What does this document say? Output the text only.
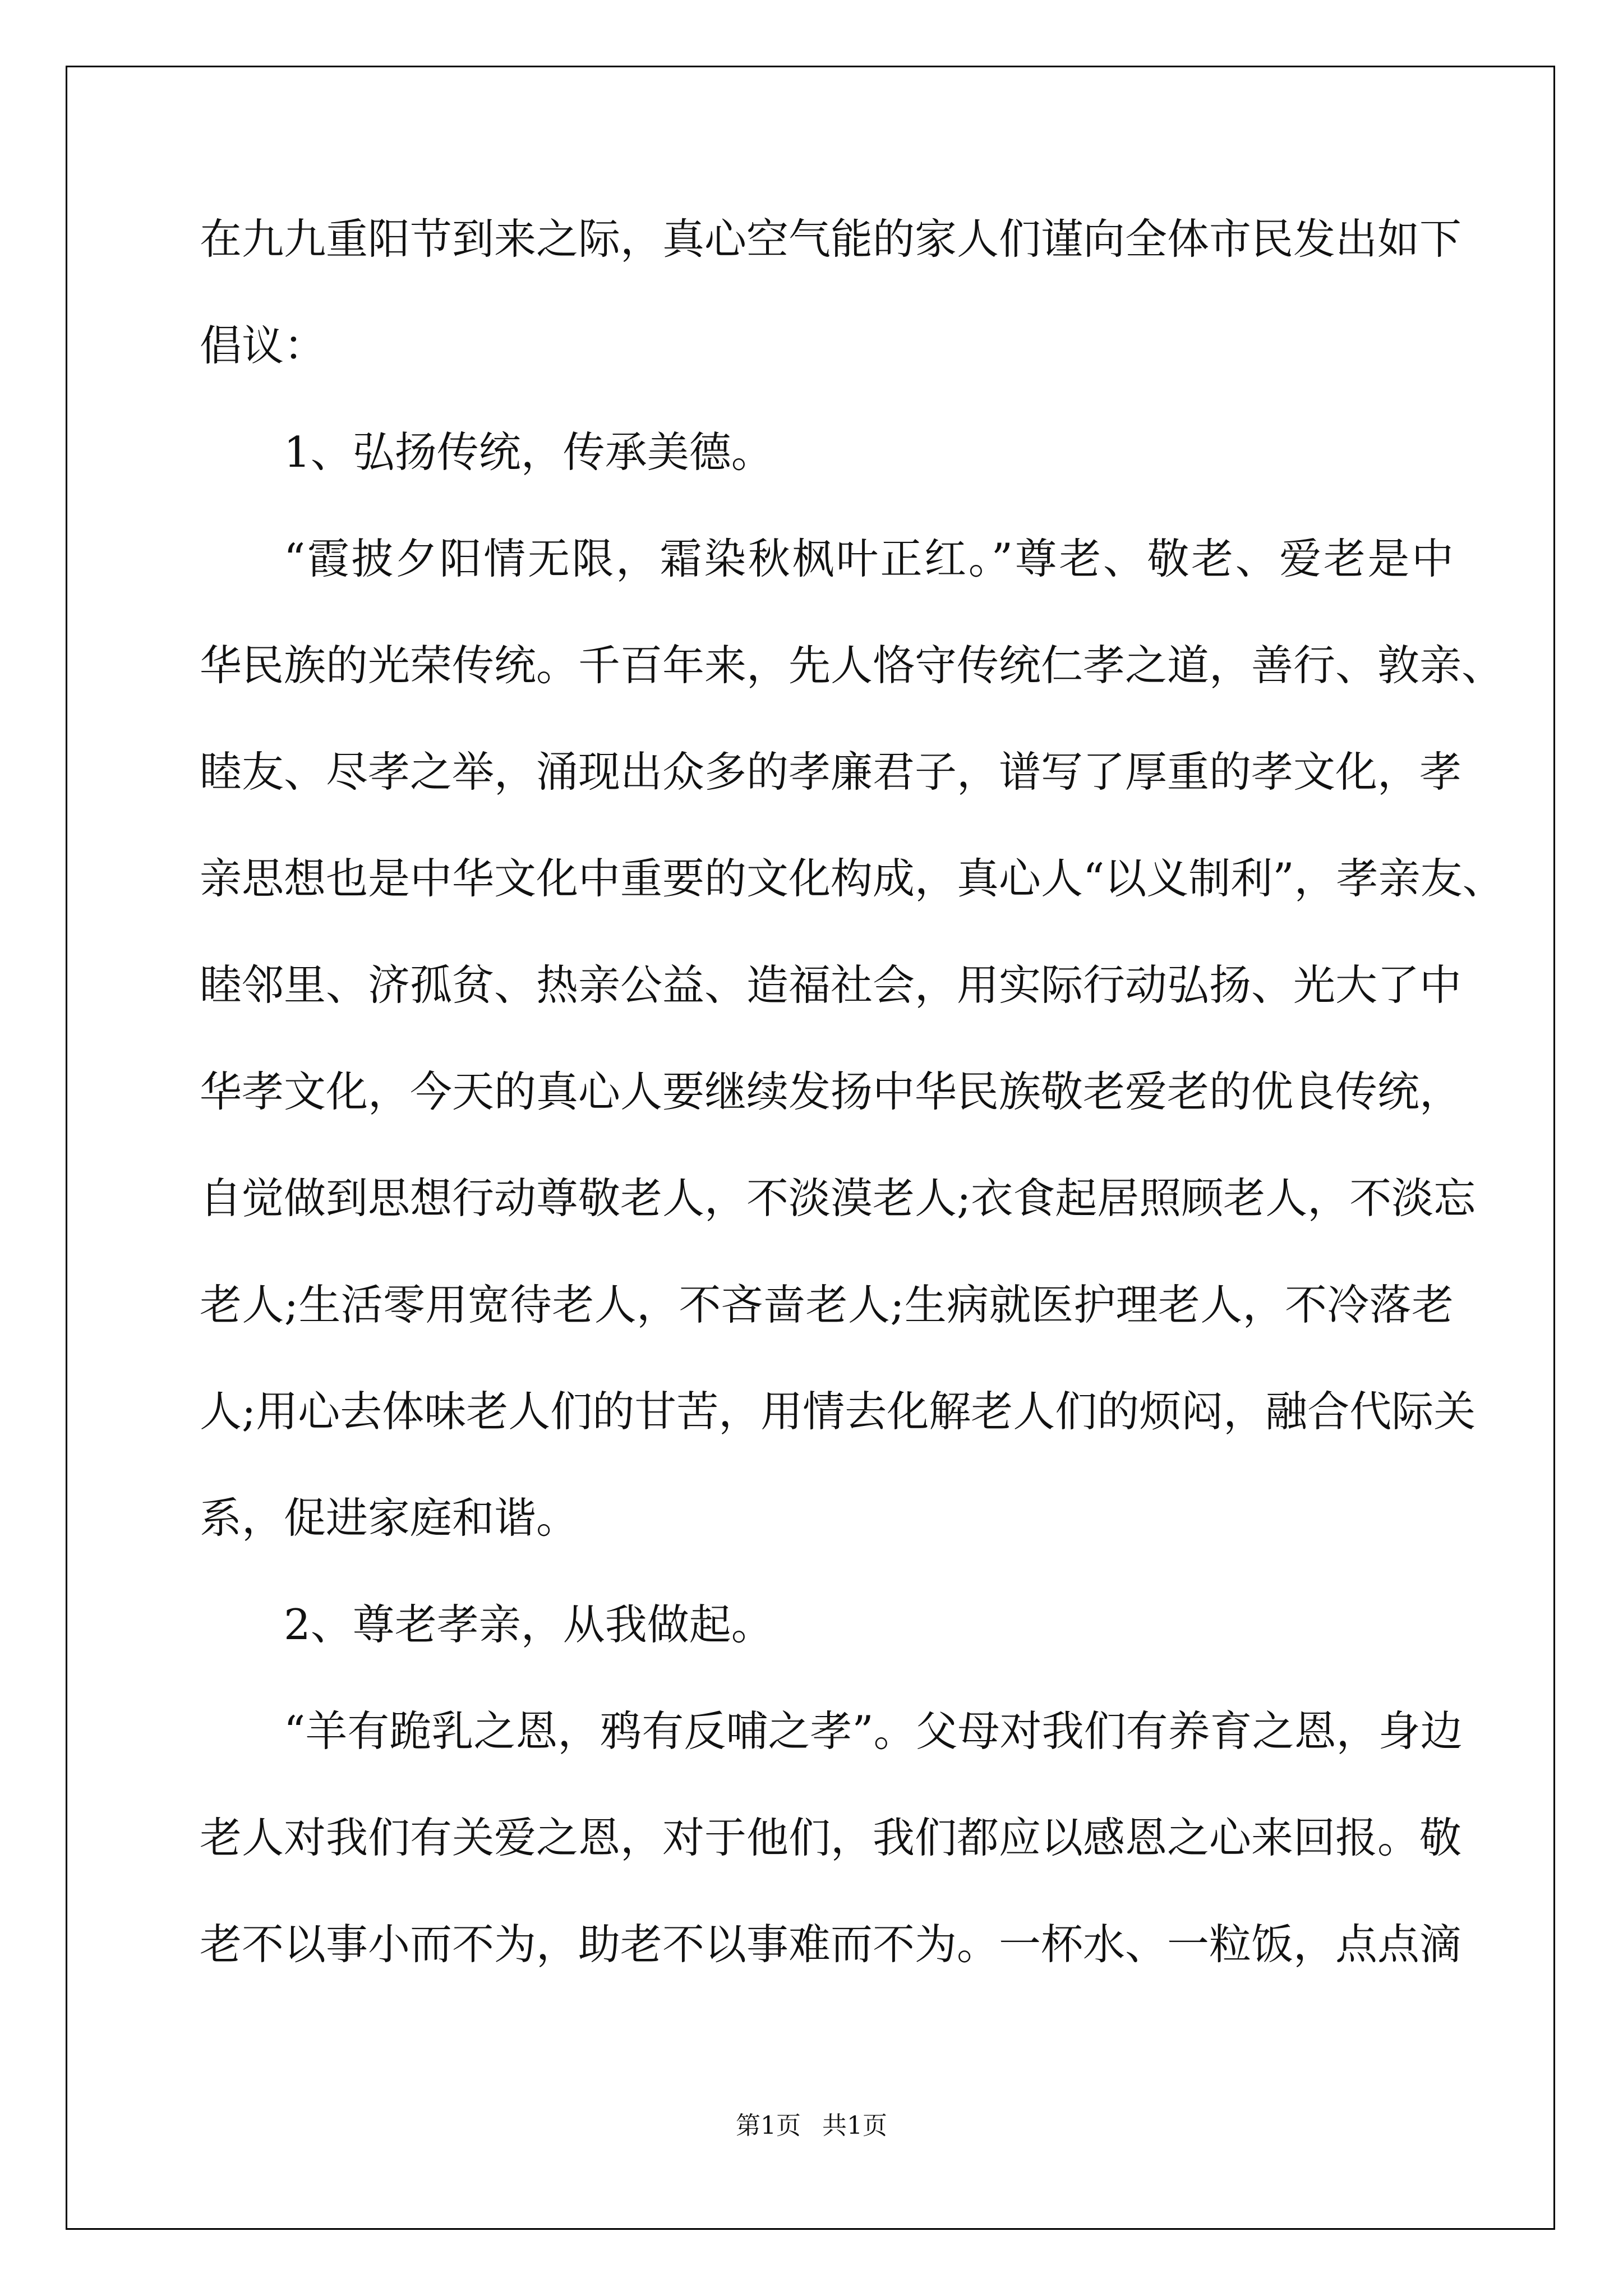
在九九重阳节到来之际，真心空气能的家人们谨向全体市民发出如下
倡议：
1、弘扬传统，传承美德。
“霞披夕阳情无限，霜染秋枫叶正红。”尊老、敬老、爱老是中
华民族的光荣传统。千百年来，先人恪守传统仁孝之道，善行、敦亲、
睦友、尽孝之举，涌现出众多的孝廉君子，谱写了厚重的孝文化，孝
亲思想也是中华文化中重要的文化构成，真心人“以义制利”，孝亲友、
睦邻里、济孤贫、热亲公益、造福社会，用实际行动弘扬、光大了中
华孝文化，今天的真心人要继续发扬中华民族敬老爱老的优良传统，
自觉做到思想行动尊敬老人，不淡漠老人;衣食起居照顾老人，不淡忘
老人;生活零用宽待老人，不吝啬老人;生病就医护理老人，不冷落老
人;用心去体味老人们的甘苦，用情去化解老人们的烦闷，融合代际关
系，促进家庭和谐。
2、尊老孝亲，从我做起。
“羊有跪乳之恩，鸦有反哺之孝”。父母对我们有养育之恩，身边
老人对我们有关爱之恩，对于他们，我们都应以感恩之心来回报。敬
老不以事小而不为，助老不以事难而不为。一杯水、一粒饭，点点滴
第1页 共1页
